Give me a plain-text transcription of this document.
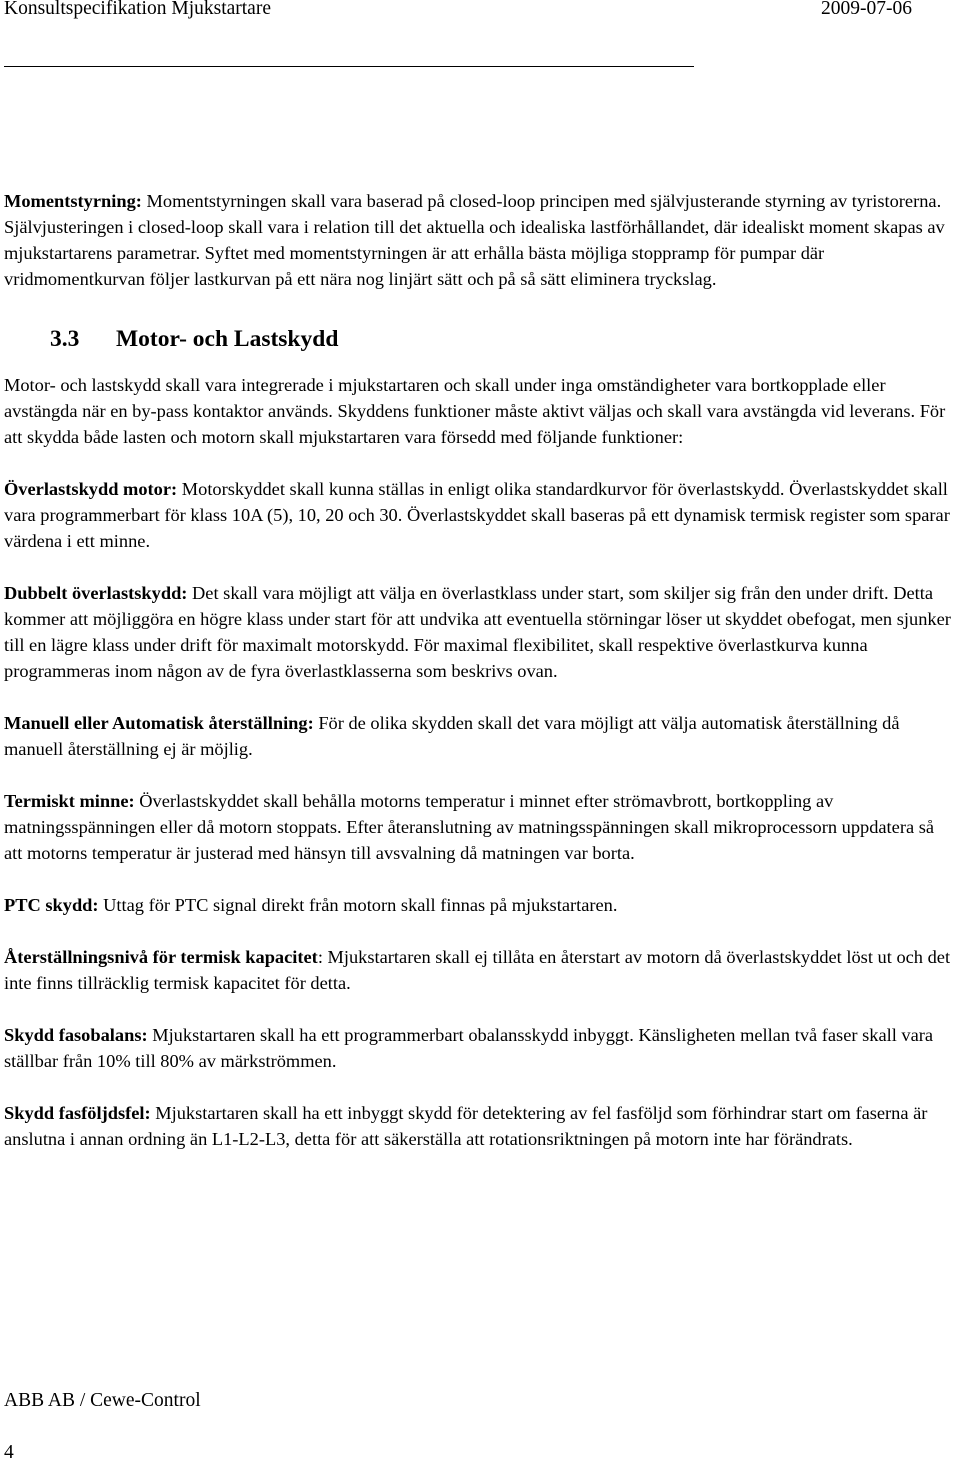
Konsultspecifikation Mjukstartare	2009-07-06

Momentstyrning: Momentstyrningen skall vara baserad på closed-loop principen med självjusterande styrning av tyristorerna. Självjusteringen i closed-loop skall vara i relation till det aktuella och idealiska lastförhållandet, där idealiskt moment skapas av mjukstartarens parametrar. Syftet med momentstyrningen är att erhålla bästa möjliga stoppramp för pumpar där vridmomentkurvan följer lastkurvan på ett nära nog linjärt sätt och på så sätt eliminera tryckslag.

3.3 Motor- och Lastskydd

Motor- och lastskydd skall vara integrerade i mjukstartaren och skall under inga omständigheter vara bortkopplade eller avstängda när en by-pass kontaktor används. Skyddens funktioner måste aktivt väljas och skall vara avstängda vid leverans. För att skydda både lasten och motorn skall mjukstartaren vara försedd med följande funktioner:

Överlastskydd motor: Motorskyddet skall kunna ställas in enligt olika standardkurvor för överlastskydd. Överlastskyddet skall vara programmerbart för klass 10A (5), 10, 20 och 30. Överlastskyddet skall baseras på ett dynamisk termisk register som sparar värdena i ett minne.

Dubbelt överlastskydd: Det skall vara möjligt att välja en överlastklass under start, som skiljer sig från den under drift. Detta kommer att möjliggöra en högre klass under start för att undvika att eventuella störningar löser ut skyddet obefogat, men sjunker till en lägre klass under drift för maximalt motorskydd. För maximal flexibilitet, skall respektive överlastkurva kunna programmeras inom någon av de fyra överlastklasserna som beskrivs ovan.

Manuell eller Automatisk återställning: För de olika skydden skall det vara möjligt att välja automatisk återställning då manuell återställning ej är möjlig.

Termiskt minne: Överlastskyddet skall behålla motorns temperatur i minnet efter strömavbrott, bortkoppling av matningsspänningen eller då motorn stoppats. Efter återanslutning av matningsspänningen skall mikroprocessorn uppdatera så att motorns temperatur är justerad med hänsyn till avsvalning då matningen var borta.

PTC skydd: Uttag för PTC signal direkt från motorn skall finnas på mjukstartaren.

Återställningsnivå för termisk kapacitet: Mjukstartaren skall ej tillåta en återstart av motorn då överlastskyddet löst ut och det inte finns tillräcklig termisk kapacitet för detta.

Skydd fasobalans: Mjukstartaren skall ha ett programmerbart obalansskydd inbyggt. Känsligheten mellan två faser skall vara ställbar från 10% till 80% av märkströmmen.

Skydd fasföljdsfel: Mjukstartaren skall ha ett inbyggt skydd för detektering av fel fasföljd som förhindrar start om faserna är anslutna i annan ordning än L1-L2-L3, detta för att säkerställa att rotationsriktningen på motorn inte har förändrats.

ABB AB / Cewe-Control
4
